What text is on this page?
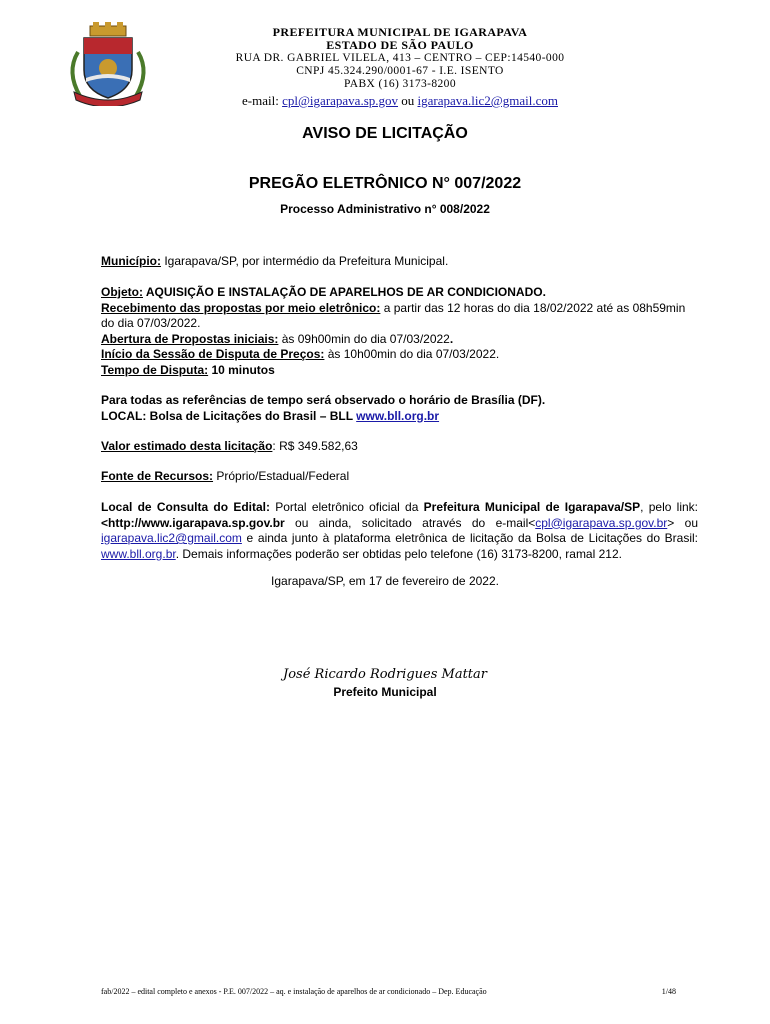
PREFEITURA MUNICIPAL DE IGARAPAVA
ESTADO DE SÃO PAULO
RUA DR. GABRIEL VILELA, 413 – CENTRO – CEP:14540-000
CNPJ 45.324.290/0001-67 - I.E. ISENTO
PABX (16) 3173-8200
e-mail: cpl@igarapava.sp.gov ou igarapava.lic2@gmail.com
AVISO DE LICITAÇÃO
PREGÃO ELETRÔNICO N° 007/2022
Processo Administrativo n° 008/2022

Município: Igarapava/SP, por intermédio da Prefeitura Municipal.

Objeto: AQUISIÇÃO E INSTALAÇÃO DE APARELHOS DE AR CONDICIONADO.

Recebimento das propostas por meio eletrônico: a partir das 12 horas do dia 18/02/2022 até as 08h59min do dia 07/03/2022.

Abertura de Propostas iniciais: às 09h00min do dia 07/03/2022.

Início da Sessão de Disputa de Preços: às 10h00min do dia 07/03/2022.

Tempo de Disputa: 10 minutos

Para todas as referências de tempo será observado o horário de Brasília (DF).

LOCAL: Bolsa de Licitações do Brasil – BLL www.bll.org.br

Valor estimado desta licitação: R$ 349.582,63

Fonte de Recursos: Próprio/Estadual/Federal

Local de Consulta do Edital: Portal eletrônico oficial da Prefeitura Municipal de Igarapava/SP, pelo link: <http://www.igarapava.sp.gov.br ou ainda, solicitado através do e-mail<cpl@igarapava.sp.gov.br> ou igarapava.lic2@gmail.com e ainda junto à plataforma eletrônica de licitação da Bolsa de Licitações do Brasil: www.bll.org.br. Demais informações poderão ser obtidas pelo telefone (16) 3173-8200, ramal 212.

Igarapava/SP, em 17 de fevereiro de 2022.
José Ricardo Rodrigues Mattar
Prefeito Municipal
fab/2022 – edital completo e anexos - P.E. 007/2022 – aq. e instalação de aparelhos de ar condicionado – Dep. Educação	1/48
